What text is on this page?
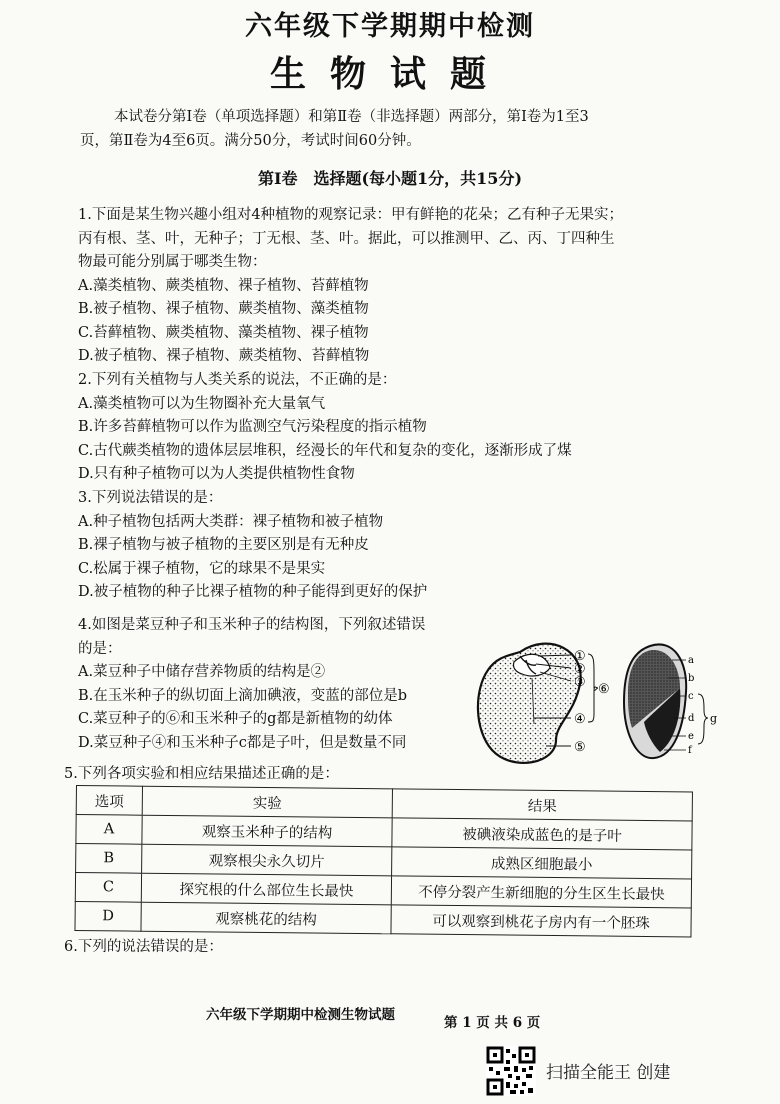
六年级下学期期中检测
生物试题
本试卷分第Ⅰ卷（单项选择题）和第Ⅱ卷（非选择题）两部分，第Ⅰ卷为1至3
页，第Ⅱ卷为4至6页。满分50分，考试时间60分钟。
第Ⅰ卷　选择题(每小题1分，共15分)
1.下面是某生物兴趣小组对4种植物的观察记录：甲有鲜艳的花朵；乙有种子无果实；
丙有根、茎、叶，无种子；丁无根、茎、叶。据此，可以推测甲、乙、丙、丁四种生
物最可能分别属于哪类生物：
A.藻类植物、蕨类植物、裸子植物、苔藓植物
B.被子植物、裸子植物、蕨类植物、藻类植物
C.苔藓植物、蕨类植物、藻类植物、裸子植物
D.被子植物、裸子植物、蕨类植物、苔藓植物
2.下列有关植物与人类关系的说法，不正确的是：
A.藻类植物可以为生物圈补充大量氧气
B.许多苔藓植物可以作为监测空气污染程度的指示植物
C.古代蕨类植物的遗体层层堆积，经漫长的年代和复杂的变化，逐渐形成了煤
D.只有种子植物可以为人类提供植物性食物
3.下列说法错误的是：
A.种子植物包括两大类群：裸子植物和被子植物
B.裸子植物与被子植物的主要区别是有无种皮
C.松属于裸子植物，它的球果不是果实
D.被子植物的种子比裸子植物的种子能得到更好的保护
4.如图是菜豆种子和玉米种子的结构图，下列叙述错误
的是：
A.菜豆种子中储存营养物质的结构是②
B.在玉米种子的纵切面上滴加碘液，变蓝的部位是b
C.菜豆种子的⑥和玉米种子的g都是新植物的幼体
D.菜豆种子④和玉米种子c都是子叶，但是数量不同
①
②
③
④
⑤
⑥
a
b
c
d
e
f
g
5.下列各项实验和相应结果描述正确的是：
选项	实验	结果
A	观察玉米种子的结构	被碘液染成蓝色的是子叶
B	观察根尖永久切片	成熟区细胞最小
C	探究根的什么部位生长最快	不停分裂产生新细胞的分生区生长最快
D	观察桃花的结构	可以观察到桃花子房内有一个胚珠
6.下列的说法错误的是：
六年级下学期期中检测生物试题	第 1 页 共 6 页
扫描全能王 创建
